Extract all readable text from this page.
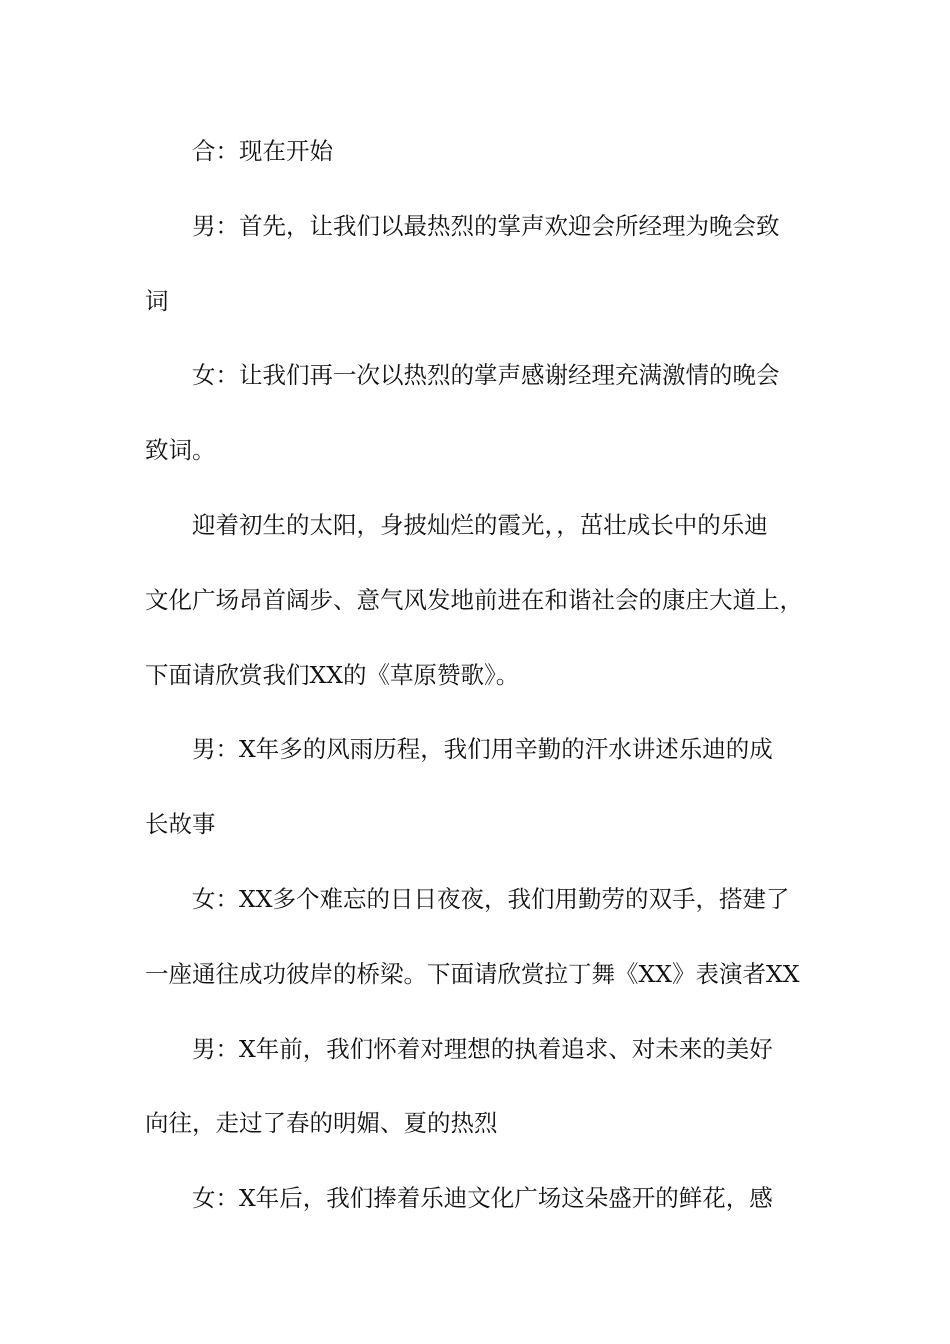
合：现在开始

男：首先，让我们以最热烈的掌声欢迎会所经理为晚会致
词

女：让我们再一次以热烈的掌声感谢经理充满激情的晚会
致词。

迎着初生的太阳，身披灿烂的霞光，，茁壮成长中的乐迪
文化广场昂首阔步、意气风发地前进在和谐社会的康庄大道上，
下面请欣赏我们XX的《草原赞歌》。

男：X年多的风雨历程，我们用辛勤的汗水讲述乐迪的成
长故事

女：XX多个难忘的日日夜夜，我们用勤劳的双手，搭建了
一座通往成功彼岸的桥梁。下面请欣赏拉丁舞《XX》表演者XX

男：X年前，我们怀着对理想的执着追求、对未来的美好
向往，走过了春的明媚、夏的热烈

女：X年后，我们捧着乐迪文化广场这朵盛开的鲜花，感
